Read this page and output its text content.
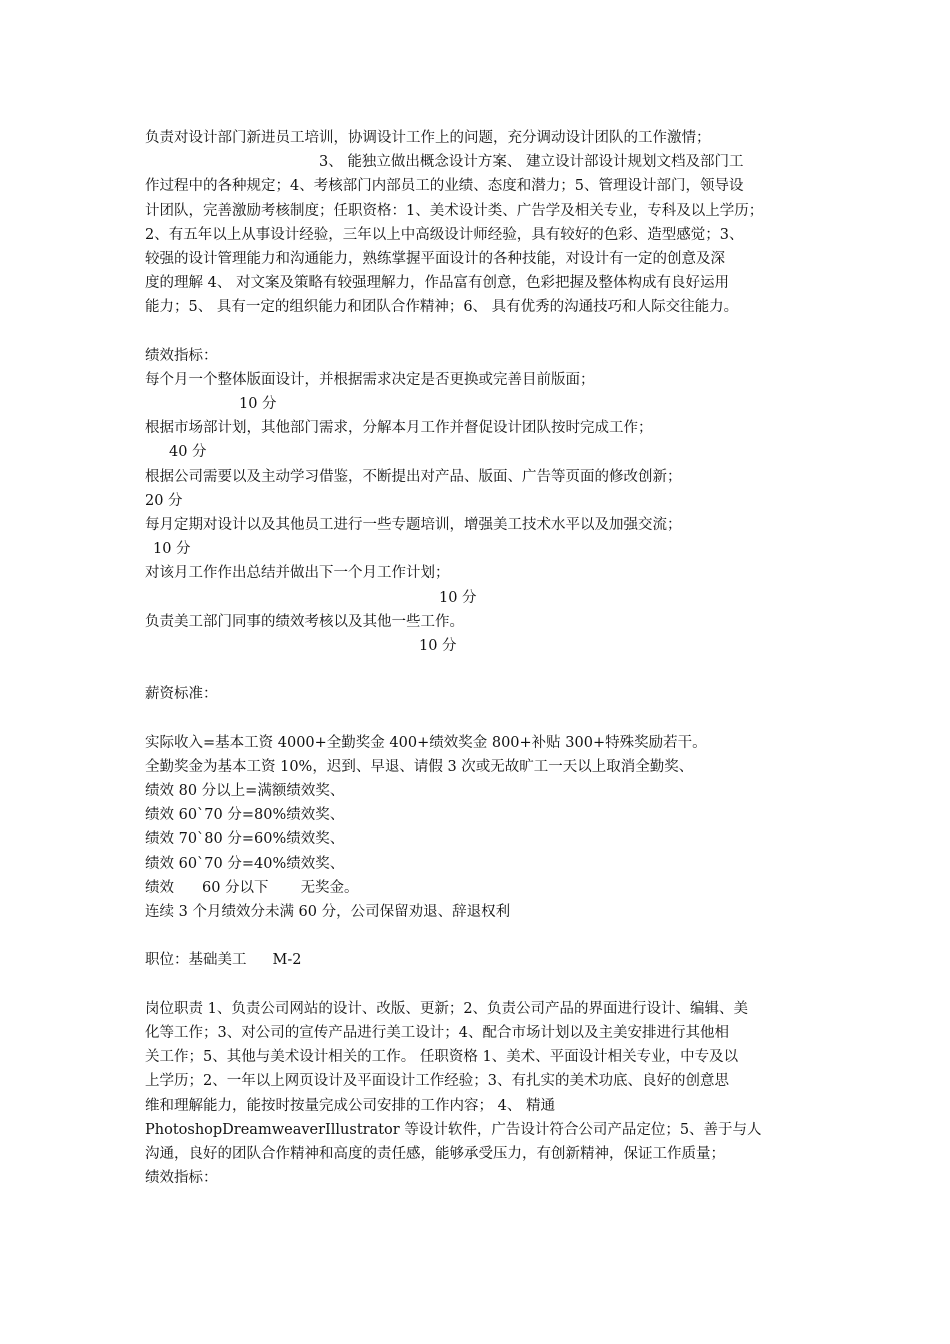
负责对设计部门新进员工培训，协调设计工作上的问题，充分调动设计团队的工作激情；
3、 能独立做出概念设计方案、 建立设计部设计规划文档及部门工
作过程中的各种规定；4、考核部门内部员工的业绩、态度和潜力；5、管理设计部门，领导设
计团队，完善激励考核制度；任职资格：1、美术设计类、广告学及相关专业，专科及以上学历；
2、有五年以上从事设计经验，三年以上中高级设计师经验，具有较好的色彩、造型感觉；3、
较强的设计管理能力和沟通能力，熟练掌握平面设计的各种技能，对设计有一定的创意及深
度的理解 4、 对文案及策略有较强理解力，作品富有创意，色彩把握及整体构成有良好运用
能力；5、 具有一定的组织能力和团队合作精神；6、 具有优秀的沟通技巧和人际交往能力。
绩效指标：
每个月一个整体版面设计，并根据需求决定是否更换或完善目前版面；
10 分
根据市场部计划，其他部门需求，分解本月工作并督促设计团队按时完成工作；
40 分
根据公司需要以及主动学习借鉴，不断提出对产品、版面、广告等页面的修改创新；
20 分
每月定期对设计以及其他员工进行一些专题培训，增强美工技术水平以及加强交流；
10 分
对该月工作作出总结并做出下一个月工作计划；
10 分
负责美工部门同事的绩效考核以及其他一些工作。
10 分
薪资标准：
实际收入=基本工资 4000+全勤奖金 400+绩效奖金 800+补贴 300+特殊奖励若干。
全勤奖金为基本工资 10%，迟到、早退、请假 3 次或无故旷工一天以上取消全勤奖、
绩效 80 分以上=满额绩效奖、
绩效 60`70 分=80%绩效奖、
绩效 70`80 分=60%绩效奖、
绩效 60`70 分=40%绩效奖、
绩效 60 分以下 无奖金。
连续 3 个月绩效分未满 60 分，公司保留劝退、辞退权利
职位：基础美工 M-2
岗位职责 1、负责公司网站的设计、改版、更新；2、负责公司产品的界面进行设计、编辑、美
化等工作；3、对公司的宣传产品进行美工设计；4、配合市场计划以及主美安排进行其他相
关工作；5、其他与美术设计相关的工作。 任职资格 1、美术、平面设计相关专业，中专及以
上学历；2、一年以上网页设计及平面设计工作经验；3、有扎实的美术功底、良好的创意思
维和理解能力，能按时按量完成公司安排的工作内容； 4、 精通
PhotoshopDreamweaverIllustrator 等设计软件，广告设计符合公司产品定位；5、善于与人
沟通，良好的团队合作精神和高度的责任感，能够承受压力，有创新精神，保证工作质量；
绩效指标：
